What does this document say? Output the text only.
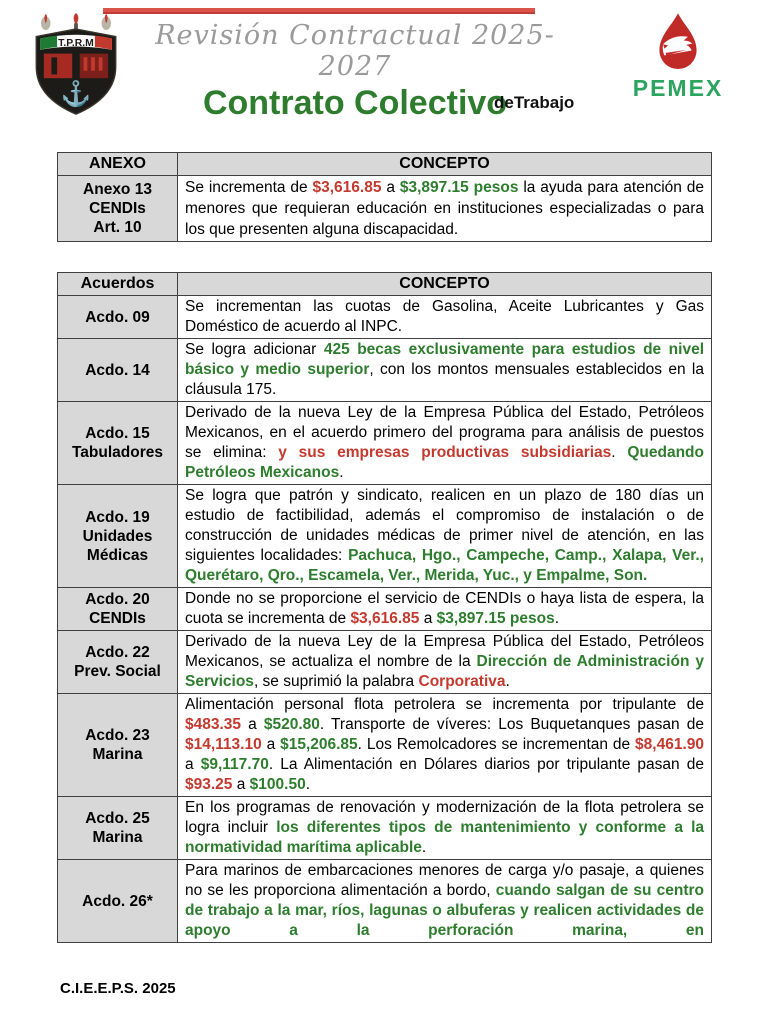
T.P.R.M
⚓	PEMEX
Revisión Contractual 2025-2027
Contrato Colectivo
deTrabajo
ANEXO	CONCEPTO
Anexo 13
CENDIs
Art. 10	Se incrementa de $3,616.85 a $3,897.15 pesos la ayuda para atención de menores que requieran educación en instituciones especializadas o para los que presenten alguna discapacidad.
Acuerdos	CONCEPTO
Acdo. 09	Se incrementan las cuotas de Gasolina, Aceite Lubricantes y Gas Doméstico de acuerdo al INPC.
Acdo. 14	Se logra adicionar 425 becas exclusivamente para estudios de nivel básico y medio superior, con los montos mensuales establecidos en la cláusula 175.
Acdo. 15
Tabuladores	Derivado de la nueva Ley de la Empresa Pública del Estado, Petróleos Mexicanos, en el acuerdo primero del programa para análisis de puestos se elimina: y sus empresas productivas subsidiarias. Quedando Petróleos Mexicanos.
Acdo. 19
Unidades
Médicas	Se logra que patrón y sindicato, realicen en un plazo de 180 días un estudio de factibilidad, además el compromiso de instalación o de construcción de unidades médicas de primer nivel de atención, en las siguientes localidades: Pachuca, Hgo., Campeche, Camp., Xalapa, Ver., Querétaro, Qro., Escamela, Ver., Merida, Yuc., y Empalme, Son.
Acdo. 20
CENDIs	Donde no se proporcione el servicio de CENDIs o haya lista de espera, la cuota se incrementa de $3,616.85 a $3,897.15 pesos.
Acdo. 22
Prev. Social	Derivado de la nueva Ley de la Empresa Pública del Estado, Petróleos Mexicanos, se actualiza el nombre de la Dirección de Administración y Servicios, se suprimió la palabra Corporativa.
Acdo. 23
Marina	Alimentación personal flota petrolera se incrementa por tripulante de $483.35 a $520.80. Transporte de víveres: Los Buquetanques pasan de $14,113.10 a $15,206.85. Los Remolcadores se incrementan de $8,461.90 a $9,117.70. La Alimentación en Dólares diarios por tripulante pasan de $93.25 a $100.50.
Acdo. 25
Marina	En los programas de renovación y modernización de la flota petrolera se logra incluir los diferentes tipos de mantenimiento y conforme a la normatividad marítima aplicable.
Acdo. 26*	Para marinos de embarcaciones menores de carga y/o pasaje, a quienes no se les proporciona alimentación a bordo, cuando salgan de su centro de trabajo a la mar, ríos, lagunas o albuferas y realicen actividades de apoyo a la perforación marina, en
C.I.E.E.P.S. 2025
